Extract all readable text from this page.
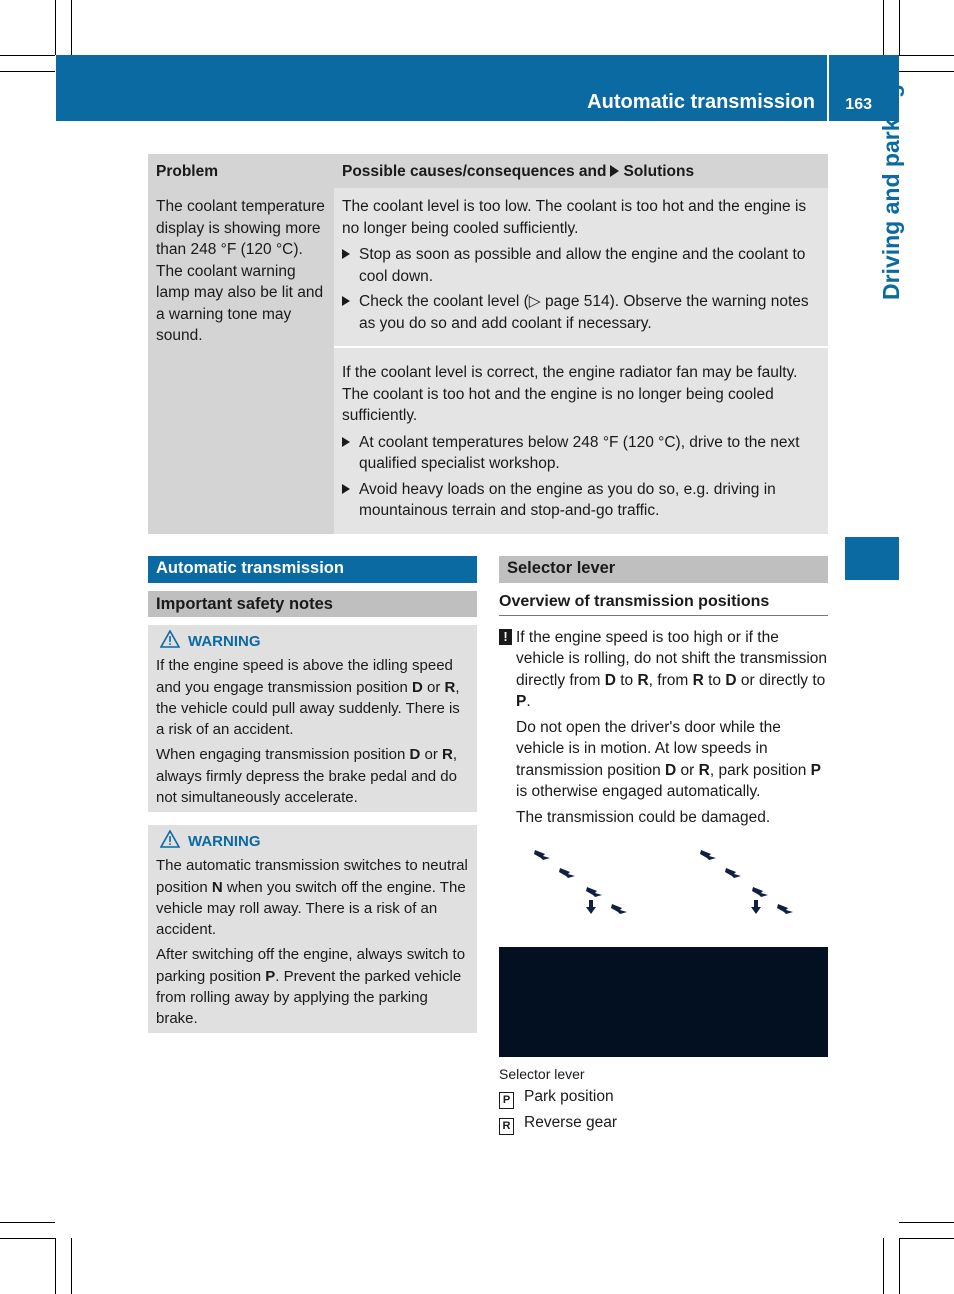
Automatic transmission 163 Driving and parking
Problem	Possible causes/consequences and Solutions
The coolant temperature display is showing more than 248 °F (120 °C). The coolant warning lamp may also be lit and a warning tone may sound.	The coolant level is too low. The coolant is too hot and the engine is no longer being cooled sufficiently.

Stop as soon as possible and allow the engine and the coolant to cool down.
Check the coolant level (▷ page 514). Observe the warning notes as you do so and add coolant if necessary.

	If the coolant level is correct, the engine radiator fan may be faulty. The coolant is too hot and the engine is no longer being cooled sufficiently.

At coolant temperatures below 248 °F (120 °C), drive to the next qualified specialist workshop.
Avoid heavy loads on the engine as you do so, e.g. driving in mountainous terrain and stop-and-go traffic.
Automatic transmission
Important safety notes
WARNING

If the engine speed is above the idling speed and you engage transmission position D or R, the vehicle could pull away suddenly. There is a risk of an accident.

When engaging transmission position D or R, always firmly depress the brake pedal and do not simultaneously accelerate.

WARNING

The automatic transmission switches to neutral position N when you switch off the engine. The vehicle may roll away. There is a risk of an accident.

After switching off the engine, always switch to parking position P. Prevent the parked vehicle from rolling away by applying the parking brake.

Selector lever
Overview of transmission positions
! If the engine speed is too high or if the vehicle is rolling, do not shift the transmission directly from D to R, from R to D or directly to P.

Do not open the driver's door while the vehicle is in motion. At low speeds in transmission position D or R, park position P is otherwise engaged automatically.

The transmission could be damaged.

Selector lever
P Park position
R Reverse gear
